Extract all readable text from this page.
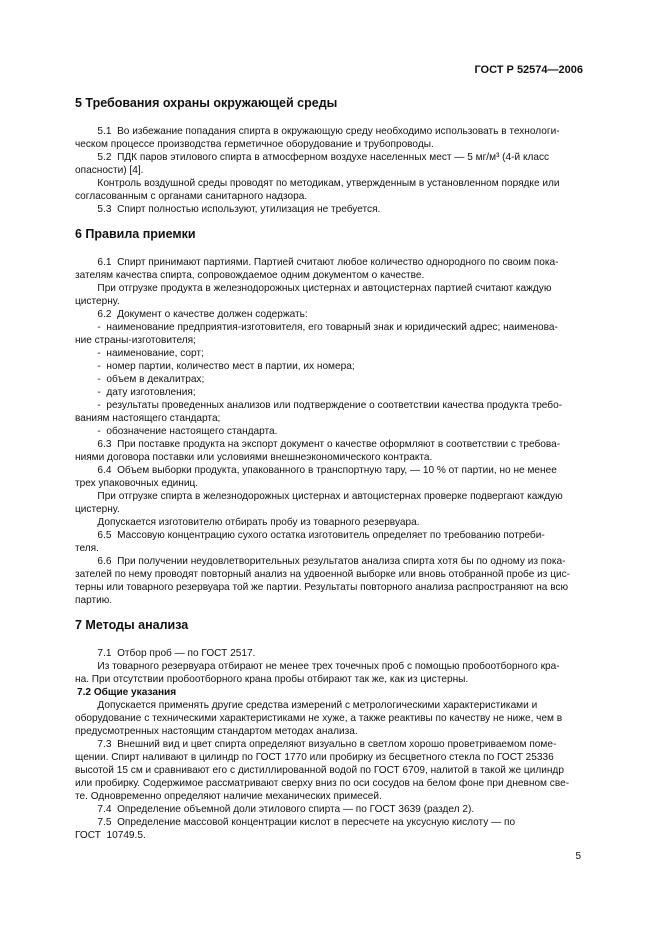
ГОСТ Р 52574—2006
5 Требования охраны окружающей среды

5.1  Во избежание попадания спирта в окружающую среду необходимо использовать в технологи-

ческом процессе производства герметичное оборудование и трубопроводы.

5.2  ПДК паров этилового спирта в атмосферном воздухе населенных мест — 5 мг/м³ (4-й класс

опасности) [4].

Контроль воздушной среды проводят по методикам, утвержденным в установленном порядке или

согласованным с органами санитарного надзора.

5.3  Спирт полностью используют, утилизация не требуется.

6 Правила приемки

6.1  Спирт принимают партиями. Партией считают любое количество однородного по своим пока-

зателям качества спирта, сопровождаемое одним документом о качестве.

При отгрузке продукта в железнодорожных цистернах и автоцистернах партией считают каждую

цистерну.

6.2  Документ о качестве должен содержать:

-  наименование предприятия-изготовителя, его товарный знак и юридический адрес; наименова-

ние страны-изготовителя;

-  наименование, сорт;

-  номер партии, количество мест в партии, их номера;

-  объем в декалитрах;

-  дату изготовления;

-  результаты проведенных анализов или подтверждение о соответствии качества продукта требо-

ваниям настоящего стандарта;

-  обозначение настоящего стандарта.

6.3  При поставке продукта на экспорт документ о качестве оформляют в соответствии с требова-

ниями договора поставки или условиями внешнеэкономического контракта.

6.4  Объем выборки продукта, упакованного в транспортную тару, — 10 % от партии, но не менее

трех упаковочных единиц.

При отгрузке спирта в железнодорожных цистернах и автоцистернах проверке подвергают каждую

цистерну.

Допускается изготовителю отбирать пробу из товарного резервуара.

6.5  Массовую концентрацию сухого остатка изготовитель определяет по требованию потреби-

теля.

6.6  При получении неудовлетворительных результатов анализа спирта хотя бы по одному из пока-

зателей по нему проводят повторный анализ на удвоенной выборке или вновь отобранной пробе из цис-

терны или товарного резервуара той же партии. Результаты повторного анализа распространяют на всю

партию.

7 Методы анализа

7.1  Отбор проб — по ГОСТ 2517.

Из товарного резервуара отбирают не менее трех точечных проб с помощью пробоотборного кра-

на. При отсутствии пробоотборного крана пробы отбирают так же, как из цистерны.

7.2 Общие указания

Допускается применять другие средства измерений с метрологическими характеристиками и

оборудование с техническими характеристиками не хуже, а также реактивы по качеству не ниже, чем в

предусмотренных настоящим стандартом методах анализа.

7.3  Внешний вид и цвет спирта определяют визуально в светлом хорошо проветриваемом поме-

щении. Спирт наливают в цилиндр по ГОСТ 1770 или пробирку из бесцветного стекла по ГОСТ 25336

высотой 15 см и сравнивают его с дистиллированной водой по ГОСТ 6709, налитой в такой же цилиндр

или пробирку. Содержимое рассматривают сверху вниз по оси сосудов на белом фоне при дневном све-

те. Одновременно определяют наличие механических примесей.

7.4  Определение объемной доли этилового спирта — по ГОСТ 3639 (раздел 2).

7.5  Определение массовой концентрации кислот в пересчете на уксусную кислоту — по

ГОСТ  10749.5.

5
